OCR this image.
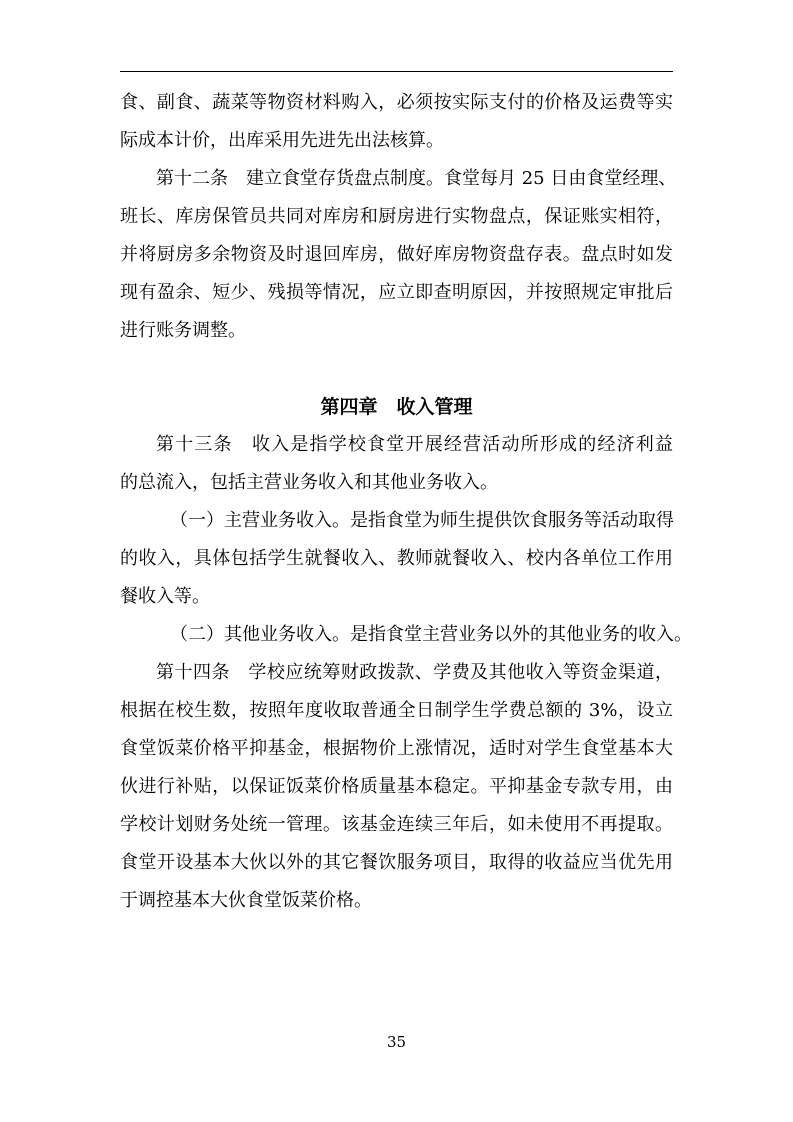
食、副食、蔬菜等物资材料购入，必须按实际支付的价格及运费等实
际成本计价，出库采用先进先出法核算。
第十二条　建立食堂存货盘点制度。食堂每月 25 日由食堂经理、
班长、库房保管员共同对库房和厨房进行实物盘点，保证账实相符，
并将厨房多余物资及时退回库房，做好库房物资盘存表。盘点时如发
现有盈余、短少、残损等情况，应立即查明原因，并按照规定审批后
进行账务调整。
第四章　收入管理
第十三条　收入是指学校食堂开展经营活动所形成的经济利益
的总流入，包括主营业务收入和其他业务收入。
（一）主营业务收入。是指食堂为师生提供饮食服务等活动取得
的收入，具体包括学生就餐收入、教师就餐收入、校内各单位工作用
餐收入等。
（二）其他业务收入。是指食堂主营业务以外的其他业务的收入。
第十四条　学校应统筹财政拨款、学费及其他收入等资金渠道，
根据在校生数，按照年度收取普通全日制学生学费总额的 3%，设立
食堂饭菜价格平抑基金，根据物价上涨情况，适时对学生食堂基本大
伙进行补贴，以保证饭菜价格质量基本稳定。平抑基金专款专用，由
学校计划财务处统一管理。该基金连续三年后，如未使用不再提取。
食堂开设基本大伙以外的其它餐饮服务项目，取得的收益应当优先用
于调控基本大伙食堂饭菜价格。
35
